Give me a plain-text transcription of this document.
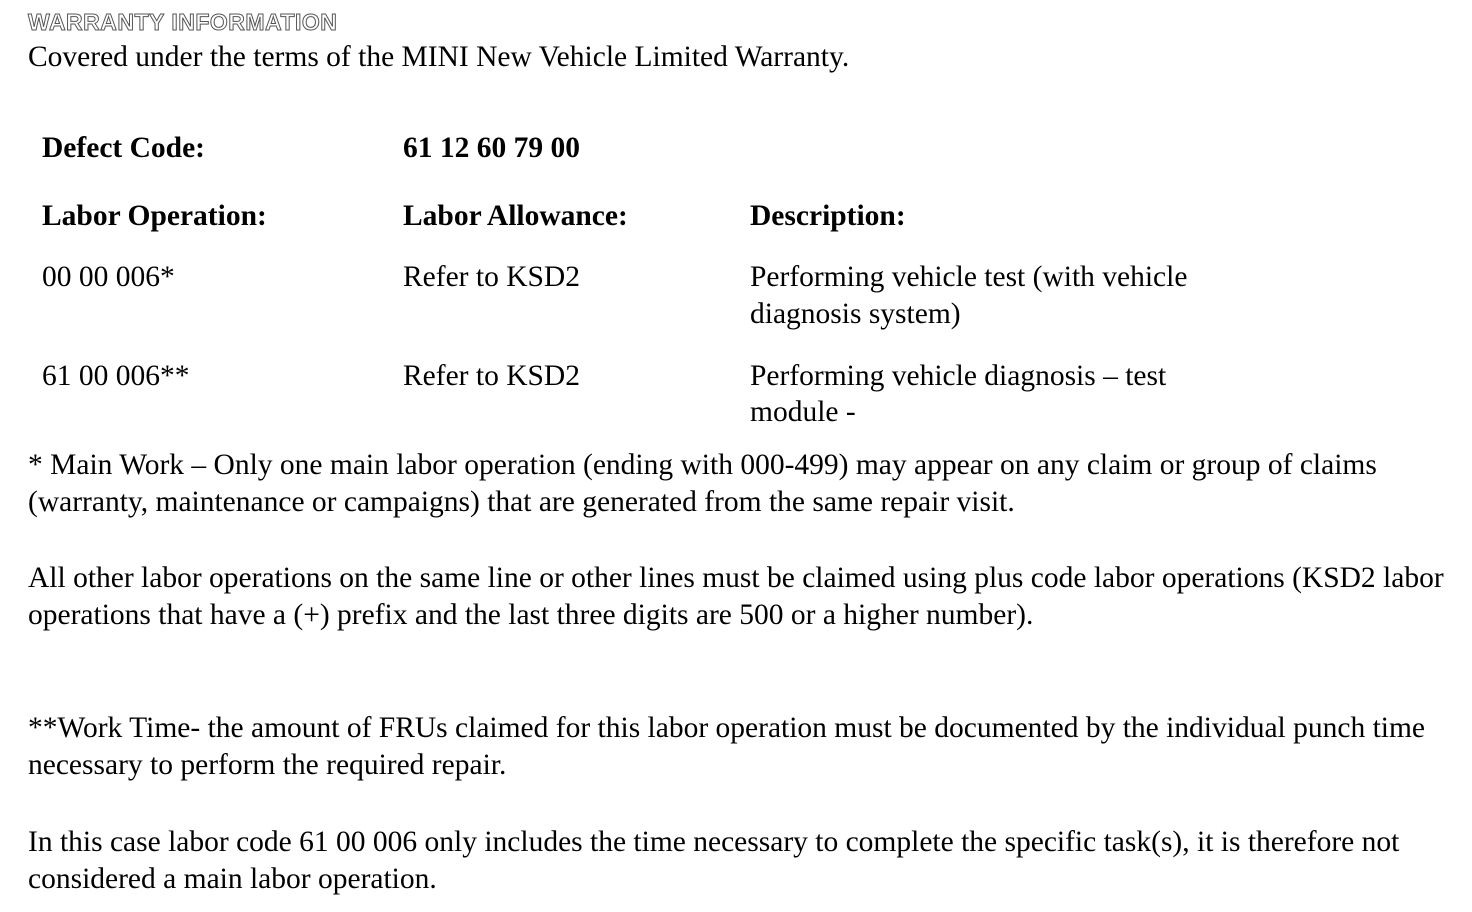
WARRANTY INFORMATION
Covered under the terms of the MINI New Vehicle Limited Warranty.
Defect Code:	61 12 60 79 00
Labor Operation:	Labor Allowance:	Description:
00 00 006*	Refer to KSD2	Performing vehicle test (with vehicle
diagnosis system)
61 00 006**	Refer to KSD2	Performing vehicle diagnosis – test
module -
* Main Work – Only one main labor operation (ending with 000-499) may appear on any claim or group of claims (warranty, maintenance or campaigns) that are generated from the same repair visit.
All other labor operations on the same line or other lines must be claimed using plus code labor operations (KSD2 labor operations that have a (+) prefix and the last three digits are 500 or a higher number).
**Work Time- the amount of FRUs claimed for this labor operation must be documented by the individual punch time necessary to perform the required repair.
In this case labor code 61 00 006 only includes the time necessary to complete the specific task(s), it is therefore not considered a main labor operation.
